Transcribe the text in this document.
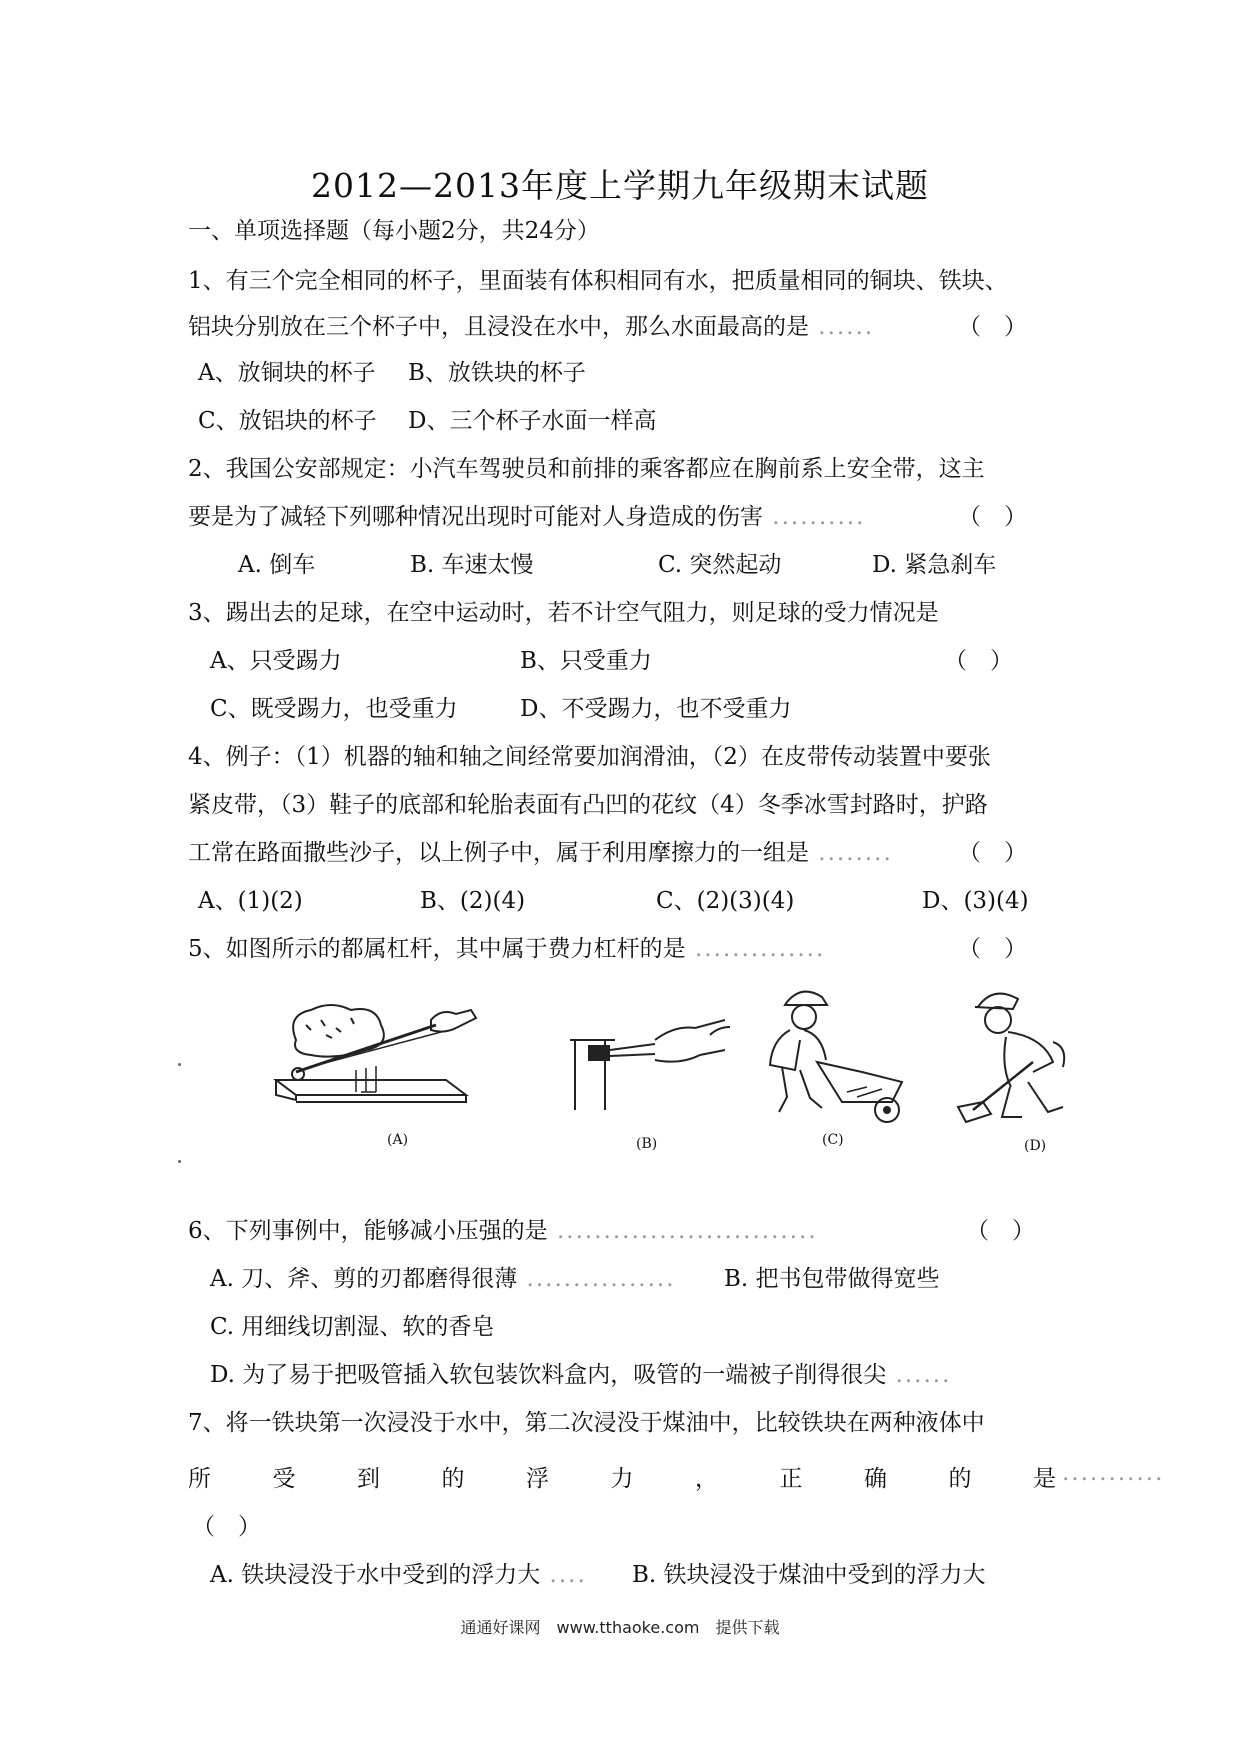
2012—2013年度上学期九年级期末试题
一、单项选择题（每小题2分，共24分）
1、有三个完全相同的杯子，里面装有体积相同有水，把质量相同的铜块、铁块、
铝块分别放在三个杯子中，且浸没在水中，那么水面最高的是 ......	（　）
A、放铜块的杯子 B、放铁块的杯子
C、放铝块的杯子 D、三个杯子水面一样高
2、我国公安部规定：小汽车驾驶员和前排的乘客都应在胸前系上安全带，这主
要是为了减轻下列哪种情况出现时可能对人身造成的伤害 ..........	（　）
A. 倒车	B. 车速太慢	C. 突然起动	D. 紧急刹车
3、踢出去的足球，在空中运动时，若不计空气阻力，则足球的受力情况是
A、只受踢力	B、只受重力	（　）
C、既受踢力，也受重力	D、不受踢力，也不受重力
4、例子：（1）机器的轴和轴之间经常要加润滑油，（2）在皮带传动装置中要张
紧皮带，（3）鞋子的底部和轮胎表面有凸凹的花纹（4）冬季冰雪封路时，护路
工常在路面撒些沙子，以上例子中，属于利用摩擦力的一组是 ........	（　）
A、(1)(2)	B、(2)(4)	C、(2)(3)(4)	D、(3)(4)
5、如图所示的都属杠杆，其中属于费力杠杆的是 ..............	（　）
(A)	(B)	(C)	(D)
6、下列事例中，能够减小压强的是 ............................	（　）
A. 刀、斧、剪的刃都磨得很薄 ................ B. 把书包带做得宽些
C. 用细线切割湿、软的香皂
D. 为了易于把吸管插入软包装饮料盒内，吸管的一端被子削得很尖 ......
7、将一铁块第一次浸没于水中，第二次浸没于煤油中，比较铁块在两种液体中
所	受	到	的	浮	力	，	正	确	的	是 ...........
（　）
A. 铁块浸没于水中受到的浮力大 .... B. 铁块浸没于煤油中受到的浮力大
通通好课网　www.tthaoke.com　提供下载
